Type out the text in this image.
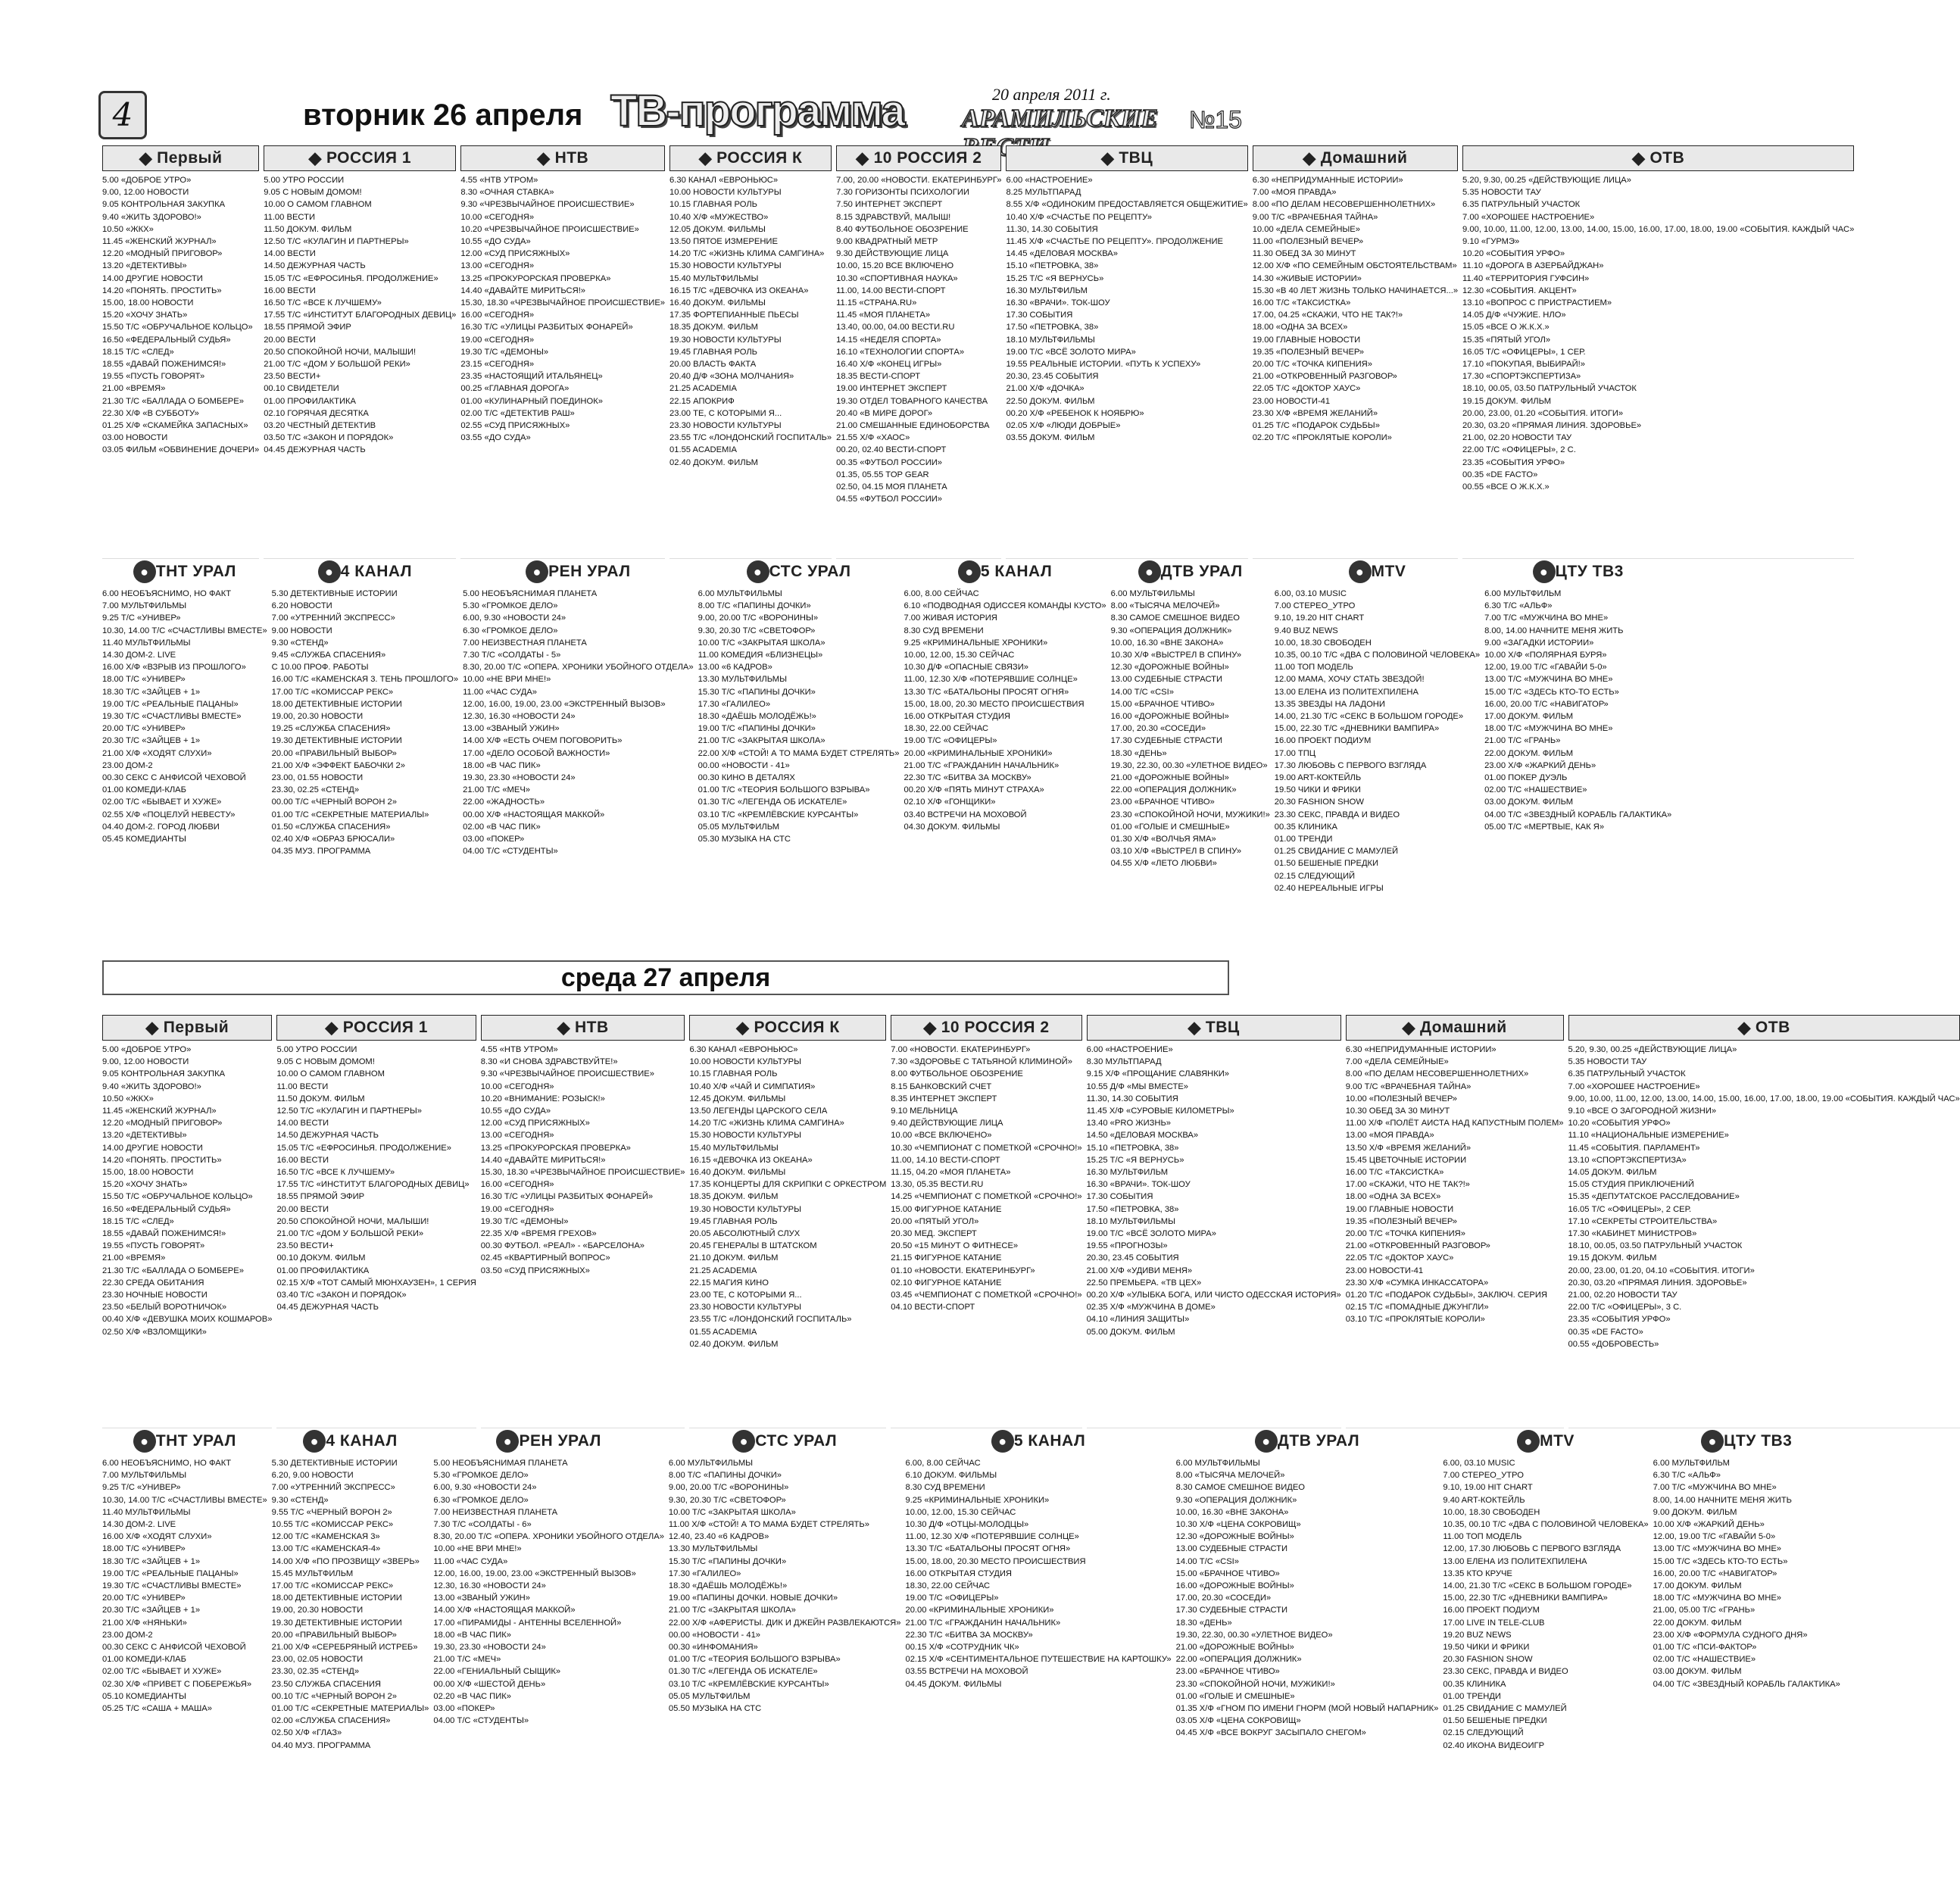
4	вторник 26 апреля ТВ-программа	20 апреля 2011 г.
АРАМИЛЬСКИЕ	№15
◆ Первый
5.00 «ДОБРОЕ УТРО»
9.00, 12.00 НОВОСТИ
9.05 КОНТРОЛЬНАЯ ЗАКУПКА
9.40 «ЖИТЬ ЗДОРОВО!»
10.50 «ЖКХ»
11.45 «ЖЕНСКИЙ ЖУРНАЛ»
12.20 «МОДНЫЙ ПРИГОВОР»
13.20 «ДЕТЕКТИВЫ»
14.00 ДРУГИЕ НОВОСТИ
14.20 «ПОНЯТЬ. ПРОСТИТЬ»
15.00, 18.00 НОВОСТИ
15.20 «ХОЧУ ЗНАТЬ»
15.50 Т/С «ОБРУЧАЛЬНОЕ КОЛЬЦО»
16.50 «ФЕДЕРАЛЬНЫЙ СУДЬЯ»
18.15 Т/С «СЛЕД»
18.55 «ДАВАЙ ПОЖЕНИМСЯ!»
19.55 «ПУСТЬ ГОВОРЯТ»
21.00 «ВРЕМЯ»
21.30 Т/С «БАЛЛАДА О БОМБЕРЕ»
22.30 Х/Ф «В СУББОТУ»
01.25 Х/Ф «СКАМЕЙКА ЗАПАСНЫХ»
03.00 НОВОСТИ
03.05 ФИЛЬМ «ОБВИНЕНИЕ ДОЧЕРИ»
◆ РОССИЯ 1
5.00 УТРО РОССИИ
9.05 С НОВЫМ ДОМОМ!
10.00 О САМОМ ГЛАВНОМ
11.00 ВЕСТИ
11.50 ДОКУМ. ФИЛЬМ
12.50 Т/С «КУЛАГИН И ПАРТНЕРЫ»
14.00 ВЕСТИ
14.50 ДЕЖУРНАЯ ЧАСТЬ
15.05 Т/С «ЕФРОСИНЬЯ. ПРОДОЛЖЕНИЕ»
16.00 ВЕСТИ
16.50 Т/С «ВСЕ К ЛУЧШЕМУ»
17.55 Т/С «ИНСТИТУТ БЛАГОРОДНЫХ ДЕВИЦ»
18.55 ПРЯМОЙ ЭФИР
20.00 ВЕСТИ
20.50 СПОКОЙНОЙ НОЧИ, МАЛЫШИ!
21.00 Т/С «ДОМ У БОЛЬШОЙ РЕКИ»
23.50 ВЕСТИ+
00.10 СВИДЕТЕЛИ
01.00 ПРОФИЛАКТИКА
02.10 ГОРЯЧАЯ ДЕСЯТКА
03.20 ЧЕСТНЫЙ ДЕТЕКТИВ
03.50 Т/С «ЗАКОН И ПОРЯДОК»
04.45 ДЕЖУРНАЯ ЧАСТЬ
◆ НТВ
4.55 «НТВ УТРОМ»
8.30 «ОЧНАЯ СТАВКА»
9.30 «ЧРЕЗВЫЧАЙНОЕ ПРОИСШЕСТВИЕ»
10.00 «СЕГОДНЯ»
10.20 «ЧРЕЗВЫЧАЙНОЕ ПРОИСШЕСТВИЕ»
10.55 «ДО СУДА»
12.00 «СУД ПРИСЯЖНЫХ»
13.00 «СЕГОДНЯ»
13.25 «ПРОКУРОРСКАЯ ПРОВЕРКА»
14.40 «ДАВАЙТЕ МИРИТЬСЯ!»
15.30, 18.30 «ЧРЕЗВЫЧАЙНОЕ ПРОИСШЕСТВИЕ»
16.00 «СЕГОДНЯ»
16.30 Т/С «УЛИЦЫ РАЗБИТЫХ ФОНАРЕЙ»
19.00 «СЕГОДНЯ»
19.30 Т/С «ДЕМОНЫ»
23.15 «СЕГОДНЯ»
23.35 «НАСТОЯЩИЙ ИТАЛЬЯНЕЦ»
00.25 «ГЛАВНАЯ ДОРОГА»
01.00 «КУЛИНАРНЫЙ ПОЕДИНОК»
02.00 Т/С «ДЕТЕКТИВ РАШ»
02.55 «СУД ПРИСЯЖНЫХ»
03.55 «ДО СУДА»
◆ РОССИЯ К
6.30 КАНАЛ «ЕВРОНЬЮС»
10.00 НОВОСТИ КУЛЬТУРЫ
10.15 ГЛАВНАЯ РОЛЬ
10.40 Х/Ф «МУЖЕСТВО»
12.05 ДОКУМ. ФИЛЬМЫ
13.50 ПЯТОЕ ИЗМЕРЕНИЕ
14.20 Т/С «ЖИЗНЬ КЛИМА САМГИНА»
15.30 НОВОСТИ КУЛЬТУРЫ
15.40 МУЛЬТФИЛЬМЫ
16.15 Т/С «ДЕВОЧКА ИЗ ОКЕАНА»
16.40 ДОКУМ. ФИЛЬМЫ
17.35 ФОРТЕПИАННЫЕ ПЬЕСЫ
18.35 ДОКУМ. ФИЛЬМ
19.30 НОВОСТИ КУЛЬТУРЫ
19.45 ГЛАВНАЯ РОЛЬ
20.00 ВЛАСТЬ ФАКТА
20.40 Д/Ф «ЗОНА МОЛЧАНИЯ»
21.25 ACADEMIA
22.15 АПОКРИФ
23.00 ТЕ, С КОТОРЫМИ Я...
23.30 НОВОСТИ КУЛЬТУРЫ
23.55 Т/С «ЛОНДОНСКИЙ ГОСПИТАЛЬ»
01.55 ACADEMIA
02.40 ДОКУМ. ФИЛЬМ
◆ 10 РОССИЯ 2
7.00, 20.00 «НОВОСТИ. ЕКАТЕРИНБУРГ»
7.30 ГОРИЗОНТЫ ПСИХОЛОГИИ
7.50 ИНТЕРНЕТ ЭКСПЕРТ
8.15 ЗДРАВСТВУЙ, МАЛЫШ!
8.40 ФУТБОЛЬНОЕ ОБОЗРЕНИЕ
9.00 КВАДРАТНЫЙ МЕТР
9.30 ДЕЙСТВУЮЩИЕ ЛИЦА
10.00, 15.20 ВСЕ ВКЛЮЧЕНО
10.30 «СПОРТИВНАЯ НАУКА»
11.00, 14.00 ВЕСТИ-СПОРТ
11.15 «СТРАНА.RU»
11.45 «МОЯ ПЛАНЕТА»
13.40, 00.00, 04.00 ВЕСТИ.RU
14.15 «НЕДЕЛЯ СПОРТА»
16.10 «ТЕХНОЛОГИИ СПОРТА»
16.40 Х/Ф «КОНЕЦ ИГРЫ»
18.35 ВЕСТИ-СПОРТ
19.00 ИНТЕРНЕТ ЭКСПЕРТ
19.30 ОТДЕЛ ТОВАРНОГО КАЧЕСТВА
20.40 «В МИРЕ ДОРОГ»
21.00 СМЕШАННЫЕ ЕДИНОБОРСТВА
21.55 Х/Ф «ХАОС»
00.20, 02.40 ВЕСТИ-СПОРТ
00.35 «ФУТБОЛ РОССИИ»
01.35, 05.55 TOP GEAR
02.50, 04.15 МОЯ ПЛАНЕТА
04.55 «ФУТБОЛ РОССИИ»
◆ ТВЦ
6.00 «НАСТРОЕНИЕ»
8.25 МУЛЬТПАРАД
8.55 Х/Ф «ОДИНОКИМ ПРЕДОСТАВЛЯЕТСЯ ОБЩЕЖИТИЕ»
10.40 Х/Ф «СЧАСТЬЕ ПО РЕЦЕПТУ»
11.30, 14.30 СОБЫТИЯ
11.45 Х/Ф «СЧАСТЬЕ ПО РЕЦЕПТУ». ПРОДОЛЖЕНИЕ
14.45 «ДЕЛОВАЯ МОСКВА»
15.10 «ПЕТРОВКА, 38»
15.25 Т/С «Я ВЕРНУСЬ»
16.30 МУЛЬТФИЛЬМ
16.30 «ВРАЧИ». ТОК-ШОУ
17.30 СОБЫТИЯ
17.50 «ПЕТРОВКА, 38»
18.10 МУЛЬТФИЛЬМЫ
19.00 Т/С «ВСЁ ЗОЛОТО МИРА»
19.55 РЕАЛЬНЫЕ ИСТОРИИ. «ПУТЬ К УСПЕХУ»
20.30, 23.45 СОБЫТИЯ
21.00 Х/Ф «ДОЧКА»
22.50 ДОКУМ. ФИЛЬМ
00.20 Х/Ф «РЕБЕНОК К НОЯБРЮ»
02.05 Х/Ф «ЛЮДИ ДОБРЫЕ»
03.55 ДОКУМ. ФИЛЬМ
◆ Домашний
6.30 «НЕПРИДУМАННЫЕ ИСТОРИИ»
7.00 «МОЯ ПРАВДА»
8.00 «ПО ДЕЛАМ НЕСОВЕРШЕННОЛЕТНИХ»
9.00 Т/С «ВРАЧЕБНАЯ ТАЙНА»
10.00 «ДЕЛА СЕМЕЙНЫЕ»
11.00 «ПОЛЕЗНЫЙ ВЕЧЕР»
11.30 ОБЕД ЗА 30 МИНУТ
12.00 Х/Ф «ПО СЕМЕЙНЫМ ОБСТОЯТЕЛЬСТВАМ»
14.30 «ЖИВЫЕ ИСТОРИИ»
15.30 «В 40 ЛЕТ ЖИЗНЬ ТОЛЬКО НАЧИНАЕТСЯ...»
16.00 Т/С «ТАКСИСТКА»
17.00, 04.25 «СКАЖИ, ЧТО НЕ ТАК?!»
18.00 «ОДНА ЗА ВСЕХ»
19.00 ГЛАВНЫЕ НОВОСТИ
19.35 «ПОЛЕЗНЫЙ ВЕЧЕР»
20.00 Т/С «ТОЧКА КИПЕНИЯ»
21.00 «ОТКРОВЕННЫЙ РАЗГОВОР»
22.05 Т/С «ДОКТОР ХАУС»
23.00 НОВОСТИ-41
23.30 Х/Ф «ВРЕМЯ ЖЕЛАНИЙ»
01.25 Т/С «ПОДАРОК СУДЬБЫ»
02.20 Т/С «ПРОКЛЯТЫЕ КОРОЛИ»
◆ ОТВ
5.20, 9.30, 00.25 «ДЕЙСТВУЮЩИЕ ЛИЦА»
5.35 НОВОСТИ ТАУ
6.35 ПАТРУЛЬНЫЙ УЧАСТОК
7.00 «ХОРОШЕЕ НАСТРОЕНИЕ»
9.00, 10.00, 11.00, 12.00, 13.00, 14.00, 15.00, 16.00, 17.00, 18.00, 19.00 «СОБЫТИЯ. КАЖДЫЙ ЧАС»
9.10 «ГУРМЭ»
10.20 «СОБЫТИЯ УРФО»
11.10 «ДОРОГА В АЗЕРБАЙДЖАН»
11.40 «ТЕРРИТОРИЯ ГУФСИН»
12.30 «СОБЫТИЯ. АКЦЕНТ»
13.10 «ВОПРОС С ПРИСТРАСТИЕМ»
14.05 Д/Ф «ЧУЖИЕ. НЛО»
15.05 «ВСЕ О Ж.К.Х.»
15.35 «ПЯТЫЙ УГОЛ»
16.05 Т/С «ОФИЦЕРЫ», 1 СЕР.
17.10 «ПОКУПАЯ, ВЫБИРАЙ!»
17.30 «СПОРТЭКСПЕРТИЗА»
18.10, 00.05, 03.50 ПАТРУЛЬНЫЙ УЧАСТОК
19.15 ДОКУМ. ФИЛЬМ
20.00, 23.00, 01.20 «СОБЫТИЯ. ИТОГИ»
20.30, 03.20 «ПРЯМАЯ ЛИНИЯ. ЗДОРОВЬЕ»
21.00, 02.20 НОВОСТИ ТАУ
22.00 Т/С «ОФИЦЕРЫ», 2 С.
23.35 «СОБЫТИЯ УРФО»
00.35 «DE FACTO»
00.55 «ВСЕ О Ж.К.Х.»
● ТНТ УРАЛ
6.00 НЕОБЪЯСНИМО, НО ФАКТ
7.00 МУЛЬТФИЛЬМЫ
9.25 Т/С «УНИВЕР»
10.30, 14.00 Т/С «СЧАСТЛИВЫ ВМЕСТЕ»
11.40 МУЛЬТФИЛЬМЫ
14.30 ДОМ-2. LIVE
16.00 Х/Ф «ВЗРЫВ ИЗ ПРОШЛОГО»
18.00 Т/С «УНИВЕР»
18.30 Т/С «ЗАЙЦЕВ + 1»
19.00 Т/С «РЕАЛЬНЫЕ ПАЦАНЫ»
19.30 Т/С «СЧАСТЛИВЫ ВМЕСТЕ»
20.00 Т/С «УНИВЕР»
20.30 Т/С «ЗАЙЦЕВ + 1»
21.00 Х/Ф «ХОДЯТ СЛУХИ»
23.00 ДОМ-2
00.30 СЕКС С АНФИСОЙ ЧЕХОВОЙ
01.00 КОМЕДИ-КЛАБ
02.00 Т/С «БЫВАЕТ И ХУЖЕ»
02.55 Х/Ф «ПОЦЕЛУЙ НЕВЕСТУ»
04.40 ДОМ-2. ГОРОД ЛЮБВИ
05.45 КОМЕДИАНТЫ
● 4 КАНАЛ
5.30 ДЕТЕКТИВНЫЕ ИСТОРИИ
6.20 НОВОСТИ
7.00 «УТРЕННИЙ ЭКСПРЕСС»
9.00 НОВОСТИ
9.30 «СТЕНД»
9.45 «СЛУЖБА СПАСЕНИЯ»
С 10.00 ПРОФ. РАБОТЫ
16.00 Т/С «КАМЕНСКАЯ 3. ТЕНЬ ПРОШЛОГО»
17.00 Т/С «КОМИССАР РЕКС»
18.00 ДЕТЕКТИВНЫЕ ИСТОРИИ
19.00, 20.30 НОВОСТИ
19.25 «СЛУЖБА СПАСЕНИЯ»
19.30 ДЕТЕКТИВНЫЕ ИСТОРИИ
20.00 «ПРАВИЛЬНЫЙ ВЫБОР»
21.00 Х/Ф «ЭФФЕКТ БАБОЧКИ 2»
23.00, 01.55 НОВОСТИ
23.30, 02.25 «СТЕНД»
00.00 Т/С «ЧЕРНЫЙ ВОРОН 2»
01.00 Т/С «СЕКРЕТНЫЕ МАТЕРИАЛЫ»
01.50 «СЛУЖБА СПАСЕНИЯ»
02.40 Х/Ф «ОБРАЗ БРЮСАЛИ»
04.35 МУЗ. ПРОГРАММА
● РЕН УРАЛ
5.00 НЕОБЪЯСНИМАЯ ПЛАНЕТА
5.30 «ГРОМКОЕ ДЕЛО»
6.00, 9.30 «НОВОСТИ 24»
6.30 «ГРОМКОЕ ДЕЛО»
7.00 НЕИЗВЕСТНАЯ ПЛАНЕТА
7.30 Т/С «СОЛДАТЫ - 5»
8.30, 20.00 Т/С «ОПЕРА. ХРОНИКИ УБОЙНОГО ОТДЕЛА»
10.00 «НЕ ВРИ МНЕ!»
11.00 «ЧАС СУДА»
12.00, 16.00, 19.00, 23.00 «ЭКСТРЕННЫЙ ВЫЗОВ»
12.30, 16.30 «НОВОСТИ 24»
13.00 «ЗВАНЫЙ УЖИН»
14.00 Х/Ф «ЕСТЬ ОЧЕМ ПОГОВОРИТЬ»
17.00 «ДЕЛО ОСОБОЙ ВАЖНОСТИ»
18.00 «В ЧАС ПИК»
19.30, 23.30 «НОВОСТИ 24»
21.00 Т/С «МЕЧ»
22.00 «ЖАДНОСТЬ»
00.00 Х/Ф «НАСТОЯЩАЯ МАККОЙ»
02.00 «В ЧАС ПИК»
03.00 «ПОКЕР»
04.00 Т/С «СТУДЕНТЫ»
● СТС УРАЛ
6.00 МУЛЬТФИЛЬМЫ
8.00 Т/С «ПАПИНЫ ДОЧКИ»
9.00, 20.00 Т/С «ВОРОНИНЫ»
9.30, 20.30 Т/С «СВЕТОФОР»
10.00 Т/С «ЗАКРЫТАЯ ШКОЛА»
11.00 КОМЕДИЯ «БЛИЗНЕЦЫ»
13.00 «6 КАДРОВ»
13.30 МУЛЬТФИЛЬМЫ
15.30 Т/С «ПАПИНЫ ДОЧКИ»
17.30 «ГАЛИЛЕО»
18.30 «ДАЁШЬ МОЛОДЁЖЬ!»
19.00 Т/С «ПАПИНЫ ДОЧКИ»
21.00 Т/С «ЗАКРЫТАЯ ШКОЛА»
22.00 Х/Ф «СТОЙ! А ТО МАМА БУДЕТ СТРЕЛЯТЬ»
00.00 «НОВОСТИ - 41»
00.30 КИНО В ДЕТАЛЯХ
01.00 Т/С «ТЕОРИЯ БОЛЬШОГО ВЗРЫВА»
01.30 Т/С «ЛЕГЕНДА ОБ ИСКАТЕЛЕ»
03.10 Т/С «КРЕМЛЁВСКИЕ КУРСАНТЫ»
05.05 МУЛЬТФИЛЬМ
05.30 МУЗЫКА НА СТС
● 5 КАНАЛ
6.00, 8.00 СЕЙЧАС
6.10 «ПОДВОДНАЯ ОДИССЕЯ КОМАНДЫ КУСТО»
7.00 ЖИВАЯ ИСТОРИЯ
8.30 СУД ВРЕМЕНИ
9.25 «КРИМИНАЛЬНЫЕ ХРОНИКИ»
10.00, 12.00, 15.30 СЕЙЧАС
10.30 Д/Ф «ОПАСНЫЕ СВЯЗИ»
11.00, 12.30 Х/Ф «ПОТЕРЯВШИЕ СОЛНЦЕ»
13.30 Т/С «БАТАЛЬОНЫ ПРОСЯТ ОГНЯ»
15.00, 18.00, 20.30 МЕСТО ПРОИСШЕСТВИЯ
16.00 ОТКРЫТАЯ СТУДИЯ
18.30, 22.00 СЕЙЧАС
19.00 Т/С «ОФИЦЕРЫ»
20.00 «КРИМИНАЛЬНЫЕ ХРОНИКИ»
21.00 Т/С «ГРАЖДАНИН НАЧАЛЬНИК»
22.30 Т/С «БИТВА ЗА МОСКВУ»
00.20 Х/Ф «ПЯТЬ МИНУТ СТРАХА»
02.10 Х/Ф «ГОНЩИКИ»
03.40 ВСТРЕЧИ НА МОХОВОЙ
04.30 ДОКУМ. ФИЛЬМЫ
● ДТВ УРАЛ
6.00 МУЛЬТФИЛЬМЫ
8.00 «ТЫСЯЧА МЕЛОЧЕЙ»
8.30 САМОЕ СМЕШНОЕ ВИДЕО
9.30 «ОПЕРАЦИЯ ДОЛЖНИК»
10.00, 16.30 «ВНЕ ЗАКОНА»
10.30 Х/Ф «ВЫСТРЕЛ В СПИНУ»
12.30 «ДОРОЖНЫЕ ВОЙНЫ»
13.00 СУДЕБНЫЕ СТРАСТИ
14.00 Т/С «CSI»
15.00 «БРАЧНОЕ ЧТИВО»
16.00 «ДОРОЖНЫЕ ВОЙНЫ»
17.00, 20.30 «СОСЕДИ»
17.30 СУДЕБНЫЕ СТРАСТИ
18.30 «ДЕНЬ»
19.30, 22.30, 00.30 «УЛЕТНОЕ ВИДЕО»
21.00 «ДОРОЖНЫЕ ВОЙНЫ»
22.00 «ОПЕРАЦИЯ ДОЛЖНИК»
23.00 «БРАЧНОЕ ЧТИВО»
23.30 «СПОКОЙНОЙ НОЧИ, МУЖИКИ!»
01.00 «ГОЛЫЕ И СМЕШНЫЕ»
01.30 Х/Ф «ВОЛЧЬЯ ЯМА»
03.10 Х/Ф «ВЫСТРЕЛ В СПИНУ»
04.55 Х/Ф «ЛЕТО ЛЮБВИ»
● MTV
6.00, 03.10 MUSIC
7.00 СТЕРЕО_УТРО
9.10, 19.20 HIT CHART
9.40 BUZ NEWS
10.00, 18.30 СВОБОДЕН
10.35, 00.10 Т/С «ДВА С ПОЛОВИНОЙ ЧЕЛОВЕКА»
11.00 ТОП МОДЕЛЬ
12.00 МАМА, ХОЧУ СТАТЬ ЗВЕЗДОЙ!
13.00 ЕЛЕНА ИЗ ПОЛИТЕХПИЛЕНА
13.35 ЗВЕЗДЫ НА ЛАДОНИ
14.00, 21.30 Т/С «СЕКС В БОЛЬШОМ ГОРОДЕ»
15.00, 22.30 Т/С «ДНЕВНИКИ ВАМПИРА»
16.00 ПРОЕКТ ПОДИУМ
17.00 ТПЦ
17.30 ЛЮБОВЬ С ПЕРВОГО ВЗГЛЯДА
19.00 ART-КОКТЕЙЛЬ
19.50 ЧИКИ И ФРИКИ
20.30 FASHION SHOW
23.30 СЕКС, ПРАВДА И ВИДЕО
00.35 КЛИНИКА
01.00 ТРЕНДИ
01.25 СВИДАНИЕ С МАМУЛЕЙ
01.50 БЕШЕНЫЕ ПРЕДКИ
02.15 СЛЕДУЮЩИЙ
02.40 НЕРЕАЛЬНЫЕ ИГРЫ
● ЦТУ ТВ3
6.00 МУЛЬТФИЛЬМ
6.30 Т/С «АЛЬФ»
7.00 Т/С «МУЖЧИНА ВО МНЕ»
8.00, 14.00 НАЧНИТЕ МЕНЯ ЖИТЬ
9.00 «ЗАГАДКИ ИСТОРИИ»
10.00 Х/Ф «ПОЛЯРНАЯ БУРЯ»
12.00, 19.00 Т/С «ГАВАЙИ 5-0»
13.00 Т/С «МУЖЧИНА ВО МНЕ»
15.00 Т/С «ЗДЕСЬ КТО-ТО ЕСТЬ»
16.00, 20.00 Т/С «НАВИГАТОР»
17.00 ДОКУМ. ФИЛЬМ
18.00 Т/С «МУЖЧИНА ВО МНЕ»
21.00 Т/С «ГРАНЬ»
22.00 ДОКУМ. ФИЛЬМ
23.00 Х/Ф «ЖАРКИЙ ДЕНЬ»
01.00 ПОКЕР ДУЭЛЬ
02.00 Т/С «НАШЕСТВИЕ»
03.00 ДОКУМ. ФИЛЬМ
04.00 Т/С «ЗВЕЗДНЫЙ КОРАБЛЬ ГАЛАКТИКА»
05.00 Т/С «МЕРТВЫЕ, КАК Я»
среда 27 апреля
◆ Первый
5.00 «ДОБРОЕ УТРО»
9.00, 12.00 НОВОСТИ
9.05 КОНТРОЛЬНАЯ ЗАКУПКА
9.40 «ЖИТЬ ЗДОРОВО!»
10.50 «ЖКХ»
11.45 «ЖЕНСКИЙ ЖУРНАЛ»
12.20 «МОДНЫЙ ПРИГОВОР»
13.20 «ДЕТЕКТИВЫ»
14.00 ДРУГИЕ НОВОСТИ
14.20 «ПОНЯТЬ. ПРОСТИТЬ»
15.00, 18.00 НОВОСТИ
15.20 «ХОЧУ ЗНАТЬ»
15.50 Т/С «ОБРУЧАЛЬНОЕ КОЛЬЦО»
16.50 «ФЕДЕРАЛЬНЫЙ СУДЬЯ»
18.15 Т/С «СЛЕД»
18.55 «ДАВАЙ ПОЖЕНИМСЯ!»
19.55 «ПУСТЬ ГОВОРЯТ»
21.00 «ВРЕМЯ»
21.30 Т/С «БАЛЛАДА О БОМБЕРЕ»
22.30 СРЕДА ОБИТАНИЯ
23.30 НОЧНЫЕ НОВОСТИ
23.50 «БЕЛЫЙ ВОРОТНИЧОК»
00.40 Х/Ф «ДЕВУШКА МОИХ КОШМАРОВ»
02.50 Х/Ф «ВЗЛОМЩИКИ»
◆ РОССИЯ 1
5.00 УТРО РОССИИ
9.05 С НОВЫМ ДОМОМ!
10.00 О САМОМ ГЛАВНОМ
11.00 ВЕСТИ
11.50 ДОКУМ. ФИЛЬМ
12.50 Т/С «КУЛАГИН И ПАРТНЕРЫ»
14.00 ВЕСТИ
14.50 ДЕЖУРНАЯ ЧАСТЬ
15.05 Т/С «ЕФРОСИНЬЯ. ПРОДОЛЖЕНИЕ»
16.00 ВЕСТИ
16.50 Т/С «ВСЕ К ЛУЧШЕМУ»
17.55 Т/С «ИНСТИТУТ БЛАГОРОДНЫХ ДЕВИЦ»
18.55 ПРЯМОЙ ЭФИР
20.00 ВЕСТИ
20.50 СПОКОЙНОЙ НОЧИ, МАЛЫШИ!
21.00 Т/С «ДОМ У БОЛЬШОЙ РЕКИ»
23.50 ВЕСТИ+
00.10 ДОКУМ. ФИЛЬМ
01.00 ПРОФИЛАКТИКА
02.15 Х/Ф «ТОТ САМЫЙ МЮНХАУЗЕН», 1 СЕРИЯ
03.40 Т/С «ЗАКОН И ПОРЯДОК»
04.45 ДЕЖУРНАЯ ЧАСТЬ
◆ НТВ
4.55 «НТВ УТРОМ»
8.30 «И СНОВА ЗДРАВСТВУЙТЕ!»
9.30 «ЧРЕЗВЫЧАЙНОЕ ПРОИСШЕСТВИЕ»
10.00 «СЕГОДНЯ»
10.20 «ВНИМАНИЕ: РОЗЫСК!»
10.55 «ДО СУДА»
12.00 «СУД ПРИСЯЖНЫХ»
13.00 «СЕГОДНЯ»
13.25 «ПРОКУРОРСКАЯ ПРОВЕРКА»
14.40 «ДАВАЙТЕ МИРИТЬСЯ!»
15.30, 18.30 «ЧРЕЗВЫЧАЙНОЕ ПРОИСШЕСТВИЕ»
16.00 «СЕГОДНЯ»
16.30 Т/С «УЛИЦЫ РАЗБИТЫХ ФОНАРЕЙ»
19.00 «СЕГОДНЯ»
19.30 Т/С «ДЕМОНЫ»
22.35 Х/Ф «ВРЕМЯ ГРЕХОВ»
00.30 ФУТБОЛ. «РЕАЛ» - «БАРСЕЛОНА»
02.45 «КВАРТИРНЫЙ ВОПРОС»
03.50 «СУД ПРИСЯЖНЫХ»
◆ РОССИЯ К
6.30 КАНАЛ «ЕВРОНЬЮС»
10.00 НОВОСТИ КУЛЬТУРЫ
10.15 ГЛАВНАЯ РОЛЬ
10.40 Х/Ф «ЧАЙ И СИМПАТИЯ»
12.45 ДОКУМ. ФИЛЬМЫ
13.50 ЛЕГЕНДЫ ЦАРСКОГО СЕЛА
14.20 Т/С «ЖИЗНЬ КЛИМА САМГИНА»
15.30 НОВОСТИ КУЛЬТУРЫ
15.40 МУЛЬТФИЛЬМЫ
16.15 «ДЕВОЧКА ИЗ ОКЕАНА»
16.40 ДОКУМ. ФИЛЬМЫ
17.35 КОНЦЕРТЫ ДЛЯ СКРИПКИ С ОРКЕСТРОМ
18.35 ДОКУМ. ФИЛЬМ
19.30 НОВОСТИ КУЛЬТУРЫ
19.45 ГЛАВНАЯ РОЛЬ
20.05 АБСОЛЮТНЫЙ СЛУХ
20.45 ГЕНЕРАЛЫ В ШТАТСКОМ
21.10 ДОКУМ. ФИЛЬМ
21.25 ACADEMIA
22.15 МАГИЯ КИНО
23.00 ТЕ, С КОТОРЫМИ Я...
23.30 НОВОСТИ КУЛЬТУРЫ
23.55 Т/С «ЛОНДОНСКИЙ ГОСПИТАЛЬ»
01.55 ACADEMIA
02.40 ДОКУМ. ФИЛЬМ
◆ 10 РОССИЯ 2
7.00 «НОВОСТИ. ЕКАТЕРИНБУРГ»
7.30 «ЗДОРОВЬЕ С ТАТЬЯНОЙ КЛИМИНОЙ»
8.00 ФУТБОЛЬНОЕ ОБОЗРЕНИЕ
8.15 БАНКОВСКИЙ СЧЕТ
8.35 ИНТЕРНЕТ ЭКСПЕРТ
9.10 МЕЛЬНИЦА
9.40 ДЕЙСТВУЮЩИЕ ЛИЦА
10.00 «ВСЕ ВКЛЮЧЕНО»
10.30 «ЧЕМПИОНАТ С ПОМЕТКОЙ «СРОЧНО!»
11.00, 14.10 ВЕСТИ-СПОРТ
11.15, 04.20 «МОЯ ПЛАНЕТА»
13.30, 05.35 ВЕСТИ.RU
14.25 «ЧЕМПИОНАТ С ПОМЕТКОЙ «СРОЧНО!»
15.00 ФИГУРНОЕ КАТАНИЕ
20.00 «ПЯТЫЙ УГОЛ»
20.30 МЕД. ЭКСПЕРТ
20.50 «15 МИНУТ О ФИТНЕСЕ»
21.15 ФИГУРНОЕ КАТАНИЕ
01.10 «НОВОСТИ. ЕКАТЕРИНБУРГ»
02.10 ФИГУРНОЕ КАТАНИЕ
03.45 «ЧЕМПИОНАТ С ПОМЕТКОЙ «СРОЧНО!»
04.10 ВЕСТИ-СПОРТ
◆ ТВЦ
6.00 «НАСТРОЕНИЕ»
8.30 МУЛЬТПАРАД
9.15 Х/Ф «ПРОЩАНИЕ СЛАВЯНКИ»
10.55 Д/Ф «МЫ ВМЕСТЕ»
11.30, 14.30 СОБЫТИЯ
11.45 Х/Ф «СУРОВЫЕ КИЛОМЕТРЫ»
13.40 «PRO ЖИЗНЬ»
14.50 «ДЕЛОВАЯ МОСКВА»
15.10 «ПЕТРОВКА, 38»
15.25 Т/С «Я ВЕРНУСЬ»
16.30 МУЛЬТФИЛЬМ
16.30 «ВРАЧИ». ТОК-ШОУ
17.30 СОБЫТИЯ
17.50 «ПЕТРОВКА, 38»
18.10 МУЛЬТФИЛЬМЫ
19.00 Т/С «ВСЁ ЗОЛОТО МИРА»
19.55 «ПРОГНОЗЫ»
20.30, 23.45 СОБЫТИЯ
21.00 Х/Ф «УДИВИ МЕНЯ»
22.50 ПРЕМЬЕРА. «ТВ ЦЕХ»
00.20 Х/Ф «УЛЫБКА БОГА, ИЛИ ЧИСТО ОДЕССКАЯ ИСТОРИЯ»
02.35 Х/Ф «МУЖЧИНА В ДОМЕ»
04.10 «ЛИНИЯ ЗАЩИТЫ»
05.00 ДОКУМ. ФИЛЬМ
◆ Домашний
6.30 «НЕПРИДУМАННЫЕ ИСТОРИИ»
7.00 «ДЕЛА СЕМЕЙНЫЕ»
8.00 «ПО ДЕЛАМ НЕСОВЕРШЕННОЛЕТНИХ»
9.00 Т/С «ВРАЧЕБНАЯ ТАЙНА»
10.00 «ПОЛЕЗНЫЙ ВЕЧЕР»
10.30 ОБЕД ЗА 30 МИНУТ
11.00 Х/Ф «ПОЛЁТ АИСТА НАД КАПУСТНЫМ ПОЛЕМ»
13.00 «МОЯ ПРАВДА»
13.50 Х/Ф «ВРЕМЯ ЖЕЛАНИЙ»
15.45 ЦВЕТОЧНЫЕ ИСТОРИИ
16.00 Т/С «ТАКСИСТКА»
17.00 «СКАЖИ, ЧТО НЕ ТАК?!»
18.00 «ОДНА ЗА ВСЕХ»
19.00 ГЛАВНЫЕ НОВОСТИ
19.35 «ПОЛЕЗНЫЙ ВЕЧЕР»
20.00 Т/С «ТОЧКА КИПЕНИЯ»
21.00 «ОТКРОВЕННЫЙ РАЗГОВОР»
22.05 Т/С «ДОКТОР ХАУС»
23.00 НОВОСТИ-41
23.30 Х/Ф «СУМКА ИНКАССАТОРА»
01.20 Т/С «ПОДАРОК СУДЬБЫ», ЗАКЛЮЧ. СЕРИЯ
02.15 Т/С «ПОМАДНЫЕ ДЖУНГЛИ»
03.10 Т/С «ПРОКЛЯТЫЕ КОРОЛИ»
◆ ОТВ
5.20, 9.30, 00.25 «ДЕЙСТВУЮЩИЕ ЛИЦА»
5.35 НОВОСТИ ТАУ
6.35 ПАТРУЛЬНЫЙ УЧАСТОК
7.00 «ХОРОШЕЕ НАСТРОЕНИЕ»
9.00, 10.00, 11.00, 12.00, 13.00, 14.00, 15.00, 16.00, 17.00, 18.00, 19.00 «СОБЫТИЯ. КАЖДЫЙ ЧАС»
9.10 «ВСЕ О ЗАГОРОДНОЙ ЖИЗНИ»
10.20 «СОБЫТИЯ УРФО»
11.10 «НАЦИОНАЛЬНЫЕ ИЗМЕРЕНИЕ»
11.45 «СОБЫТИЯ. ПАРЛАМЕНТ»
13.10 «СПОРТЭКСПЕРТИЗА»
14.05 ДОКУМ. ФИЛЬМ
15.05 СТУДИЯ ПРИКЛЮЧЕНИЙ
15.35 «ДЕПУТАТСКОЕ РАССЛЕДОВАНИЕ»
16.05 Т/С «ОФИЦЕРЫ», 2 СЕР.
17.10 «СЕКРЕТЫ СТРОИТЕЛЬСТВА»
17.30 «КАБИНЕТ МИНИСТРОВ»
18.10, 00.05, 03.50 ПАТРУЛЬНЫЙ УЧАСТОК
19.15 ДОКУМ. ФИЛЬМ
20.00, 23.00, 01.20, 04.10 «СОБЫТИЯ. ИТОГИ»
20.30, 03.20 «ПРЯМАЯ ЛИНИЯ. ЗДОРОВЬЕ»
21.00, 02.20 НОВОСТИ ТАУ
22.00 Т/С «ОФИЦЕРЫ», 3 С.
23.35 «СОБЫТИЯ УРФО»
00.35 «DE FACTO»
00.55 «ДОБРОВЕСТЬ»
● ТНТ УРАЛ
6.00 НЕОБЪЯСНИМО, НО ФАКТ
7.00 МУЛЬТФИЛЬМЫ
9.25 Т/С «УНИВЕР»
10.30, 14.00 Т/С «СЧАСТЛИВЫ ВМЕСТЕ»
11.40 МУЛЬТФИЛЬМЫ
14.30 ДОМ-2. LIVE
16.00 Х/Ф «ХОДЯТ СЛУХИ»
18.00 Т/С «УНИВЕР»
18.30 Т/С «ЗАЙЦЕВ + 1»
19.00 Т/С «РЕАЛЬНЫЕ ПАЦАНЫ»
19.30 Т/С «СЧАСТЛИВЫ ВМЕСТЕ»
20.00 Т/С «УНИВЕР»
20.30 Т/С «ЗАЙЦЕВ + 1»
21.00 Х/Ф «НЯНЬКИ»
23.00 ДОМ-2
00.30 СЕКС С АНФИСОЙ ЧЕХОВОЙ
01.00 КОМЕДИ-КЛАБ
02.00 Т/С «БЫВАЕТ И ХУЖЕ»
02.30 Х/Ф «ПРИВЕТ С ПОБЕРЕЖЬЯ»
05.10 КОМЕДИАНТЫ
05.25 Т/С «САША + МАША»
● 4 КАНАЛ
5.30 ДЕТЕКТИВНЫЕ ИСТОРИИ
6.20, 9.00 НОВОСТИ
7.00 «УТРЕННИЙ ЭКСПРЕСС»
9.30 «СТЕНД»
9.55 Т/С «ЧЕРНЫЙ ВОРОН 2»
10.55 Т/С «КОМИССАР РЕКС»
12.00 Т/С «КАМЕНСКАЯ 3»
13.00 Т/С «КАМЕНСКАЯ-4»
14.00 Х/Ф «ПО ПРОЗВИЩУ «ЗВЕРЬ»
15.45 МУЛЬТФИЛЬМ
17.00 Т/С «КОМИССАР РЕКС»
18.00 ДЕТЕКТИВНЫЕ ИСТОРИИ
19.00, 20.30 НОВОСТИ
19.30 ДЕТЕКТИВНЫЕ ИСТОРИИ
20.00 «ПРАВИЛЬНЫЙ ВЫБОР»
21.00 Х/Ф «СЕРЕБРЯНЫЙ ИСТРЕБ»
23.00, 02.05 НОВОСТИ
23.30, 02.35 «СТЕНД»
23.50 СЛУЖБА СПАСЕНИЯ
00.10 Т/С «ЧЕРНЫЙ ВОРОН 2»
01.00 Т/С «СЕКРЕТНЫЕ МАТЕРИАЛЫ»
02.00 «СЛУЖБА СПАСЕНИЯ»
02.50 Х/Ф «ГЛАЗ»
04.40 МУЗ. ПРОГРАММА
● РЕН УРАЛ
5.00 НЕОБЪЯСНИМАЯ ПЛАНЕТА
5.30 «ГРОМКОЕ ДЕЛО»
6.00, 9.30 «НОВОСТИ 24»
6.30 «ГРОМКОЕ ДЕЛО»
7.00 НЕИЗВЕСТНАЯ ПЛАНЕТА
7.30 Т/С «СОЛДАТЫ - 6»
8.30, 20.00 Т/С «ОПЕРА. ХРОНИКИ УБОЙНОГО ОТДЕЛА»
10.00 «НЕ ВРИ МНЕ!»
11.00 «ЧАС СУДА»
12.00, 16.00, 19.00, 23.00 «ЭКСТРЕННЫЙ ВЫЗОВ»
12.30, 16.30 «НОВОСТИ 24»
13.00 «ЗВАНЫЙ УЖИН»
14.00 Х/Ф «НАСТОЯЩАЯ МАККОЙ»
17.00 «ПИРАМИДЫ - АНТЕННЫ ВСЕЛЕННОЙ»
18.00 «В ЧАС ПИК»
19.30, 23.30 «НОВОСТИ 24»
21.00 Т/С «МЕЧ»
22.00 «ГЕНИАЛЬНЫЙ СЫЩИК»
00.00 Х/Ф «ШЕСТОЙ ДЕНЬ»
02.20 «В ЧАС ПИК»
03.00 «ПОКЕР»
04.00 Т/С «СТУДЕНТЫ»
● СТС УРАЛ
6.00 МУЛЬТФИЛЬМЫ
8.00 Т/С «ПАПИНЫ ДОЧКИ»
9.00, 20.00 Т/С «ВОРОНИНЫ»
9.30, 20.30 Т/С «СВЕТОФОР»
10.00 Т/С «ЗАКРЫТАЯ ШКОЛА»
11.00 Х/Ф «СТОЙ! А ТО МАМА БУДЕТ СТРЕЛЯТЬ»
12.40, 23.40 «6 КАДРОВ»
13.30 МУЛЬТФИЛЬМЫ
15.30 Т/С «ПАПИНЫ ДОЧКИ»
17.30 «ГАЛИЛЕО»
18.30 «ДАЁШЬ МОЛОДЁЖЬ!»
19.00 «ПАПИНЫ ДОЧКИ. НОВЫЕ ДОЧКИ»
21.00 Т/С «ЗАКРЫТАЯ ШКОЛА»
22.00 Х/Ф «АФЕРИСТЫ. ДИК И ДЖЕЙН РАЗВЛЕКАЮТСЯ»
00.00 «НОВОСТИ - 41»
00.30 «ИНФОМАНИЯ»
01.00 Т/С «ТЕОРИЯ БОЛЬШОГО ВЗРЫВА»
01.30 Т/С «ЛЕГЕНДА ОБ ИСКАТЕЛЕ»
03.10 Т/С «КРЕМЛЁВСКИЕ КУРСАНТЫ»
05.05 МУЛЬТФИЛЬМ
05.50 МУЗЫКА НА СТС
● 5 КАНАЛ
6.00, 8.00 СЕЙЧАС
6.10 ДОКУМ. ФИЛЬМЫ
8.30 СУД ВРЕМЕНИ
9.25 «КРИМИНАЛЬНЫЕ ХРОНИКИ»
10.00, 12.00, 15.30 СЕЙЧАС
10.30 Д/Ф «ОТЦЫ-МОЛОДЦЫ»
11.00, 12.30 Х/Ф «ПОТЕРЯВШИЕ СОЛНЦЕ»
13.30 Т/С «БАТАЛЬОНЫ ПРОСЯТ ОГНЯ»
15.00, 18.00, 20.30 МЕСТО ПРОИСШЕСТВИЯ
16.00 ОТКРЫТАЯ СТУДИЯ
18.30, 22.00 СЕЙЧАС
19.00 Т/С «ОФИЦЕРЫ»
20.00 «КРИМИНАЛЬНЫЕ ХРОНИКИ»
21.00 Т/С «ГРАЖДАНИН НАЧАЛЬНИК»
22.30 Т/С «БИТВА ЗА МОСКВУ»
00.15 Х/Ф «СОТРУДНИК ЧК»
02.15 Х/Ф «СЕНТИМЕНТАЛЬНОЕ ПУТЕШЕСТВИЕ НА КАРТОШКУ»
03.55 ВСТРЕЧИ НА МОХОВОЙ
04.45 ДОКУМ. ФИЛЬМЫ
● ДТВ УРАЛ
6.00 МУЛЬТФИЛЬМЫ
8.00 «ТЫСЯЧА МЕЛОЧЕЙ»
8.30 САМОЕ СМЕШНОЕ ВИДЕО
9.30 «ОПЕРАЦИЯ ДОЛЖНИК»
10.00, 16.30 «ВНЕ ЗАКОНА»
10.30 Х/Ф «ЦЕНА СОКРОВИЩ»
12.30 «ДОРОЖНЫЕ ВОЙНЫ»
13.00 СУДЕБНЫЕ СТРАСТИ
14.00 Т/С «CSI»
15.00 «БРАЧНОЕ ЧТИВО»
16.00 «ДОРОЖНЫЕ ВОЙНЫ»
17.00, 20.30 «СОСЕДИ»
17.30 СУДЕБНЫЕ СТРАСТИ
18.30 «ДЕНЬ»
19.30, 22.30, 00.30 «УЛЕТНОЕ ВИДЕО»
21.00 «ДОРОЖНЫЕ ВОЙНЫ»
22.00 «ОПЕРАЦИЯ ДОЛЖНИК»
23.00 «БРАЧНОЕ ЧТИВО»
23.30 «СПОКОЙНОЙ НОЧИ, МУЖИКИ!»
01.00 «ГОЛЫЕ И СМЕШНЫЕ»
01.35 Х/Ф «ГНОМ ПО ИМЕНИ ГНОРМ (МОЙ НОВЫЙ НАПАРНИК»
03.05 Х/Ф «ЦЕНА СОКРОВИЩ»
04.45 Х/Ф «ВСЕ ВОКРУГ ЗАСЫПАЛО СНЕГОМ»
● MTV
6.00, 03.10 MUSIC
7.00 СТЕРЕО_УТРО
9.10, 19.00 HIT CHART
9.40 ART-КОКТЕЙЛЬ
10.00, 18.30 СВОБОДЕН
10.35, 00.10 Т/С «ДВА С ПОЛОВИНОЙ ЧЕЛОВЕКА»
11.00 ТОП МОДЕЛЬ
12.00, 17.30 ЛЮБОВЬ С ПЕРВОГО ВЗГЛЯДА
13.00 ЕЛЕНА ИЗ ПОЛИТЕХПИЛЕНА
13.35 КТО КРУЧЕ
14.00, 21.30 Т/С «СЕКС В БОЛЬШОМ ГОРОДЕ»
15.00, 22.30 Т/С «ДНЕВНИКИ ВАМПИРА»
16.00 ПРОЕКТ ПОДИУМ
17.00 LIVE IN TELE-CLUB
19.20 BUZ NEWS
19.50 ЧИКИ И ФРИКИ
20.30 FASHION SHOW
23.30 СЕКС, ПРАВДА И ВИДЕО
00.35 КЛИНИКА
01.00 ТРЕНДИ
01.25 СВИДАНИЕ С МАМУЛЕЙ
01.50 БЕШЕНЫЕ ПРЕДКИ
02.15 СЛЕДУЮЩИЙ
02.40 ИКОНА ВИДЕОИГР
● ЦТУ ТВ3
6.00 МУЛЬТФИЛЬМ
6.30 Т/С «АЛЬФ»
7.00 Т/С «МУЖЧИНА ВО МНЕ»
8.00, 14.00 НАЧНИТЕ МЕНЯ ЖИТЬ
9.00 ДОКУМ. ФИЛЬМ
10.00 Х/Ф «ЖАРКИЙ ДЕНЬ»
12.00, 19.00 Т/С «ГАВАЙИ 5-0»
13.00 Т/С «МУЖЧИНА ВО МНЕ»
15.00 Т/С «ЗДЕСЬ КТО-ТО ЕСТЬ»
16.00, 20.00 Т/С «НАВИГАТОР»
17.00 ДОКУМ. ФИЛЬМ
18.00 Т/С «МУЖЧИНА ВО МНЕ»
21.00, 05.00 Т/С «ГРАНЬ»
22.00 ДОКУМ. ФИЛЬМ
23.00 Х/Ф «ФОРМУЛА СУДНОГО ДНЯ»
01.00 Т/С «ПСИ-ФАКТОР»
02.00 Т/С «НАШЕСТВИЕ»
03.00 ДОКУМ. ФИЛЬМ
04.00 Т/С «ЗВЕЗДНЫЙ КОРАБЛЬ ГАЛАКТИКА»
